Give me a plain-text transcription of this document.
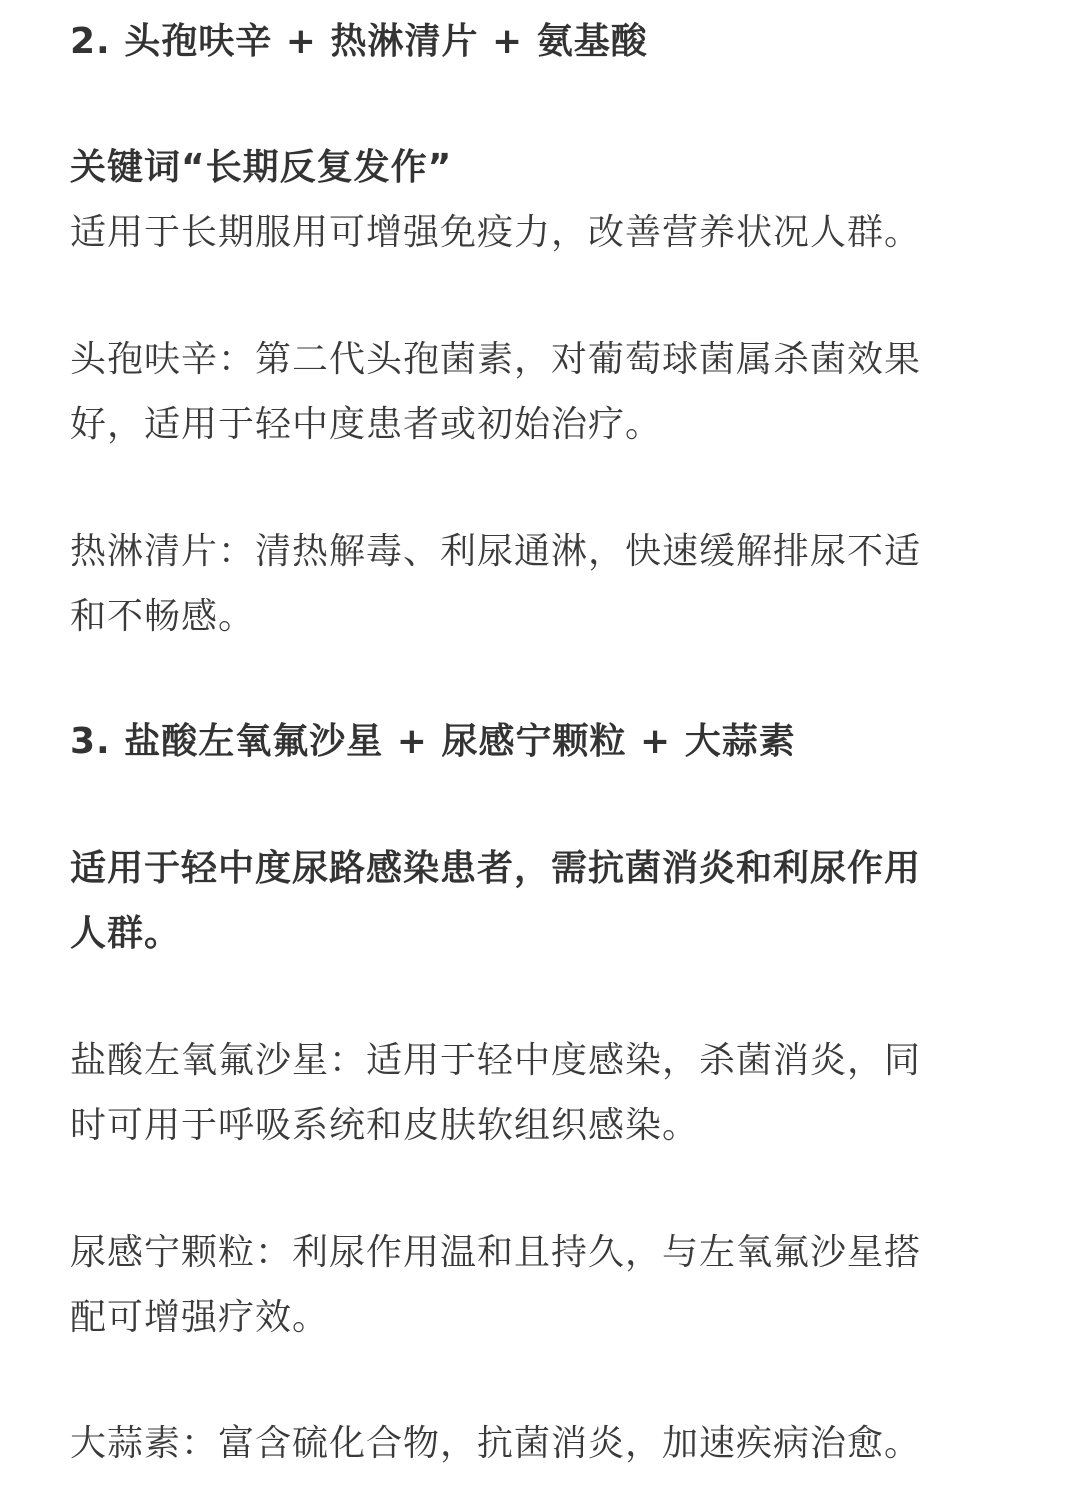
2. 头孢呋辛 + 热淋清片 + 氨基酸

关键词“长期反复发作”

适用于长期服用可增强免疫力，改善营养状况人群。

头孢呋辛：第二代头孢菌素，对葡萄球菌属杀菌效果

好，适用于轻中度患者或初始治疗。

热淋清片：清热解毒、利尿通淋，快速缓解排尿不适

和不畅感。

3. 盐酸左氧氟沙星 + 尿感宁颗粒 + 大蒜素

适用于轻中度尿路感染患者，需抗菌消炎和利尿作用

人群。

盐酸左氧氟沙星：适用于轻中度感染，杀菌消炎，同

时可用于呼吸系统和皮肤软组织感染。

尿感宁颗粒：利尿作用温和且持久，与左氧氟沙星搭

配可增强疗效。

大蒜素：富含硫化合物，抗菌消炎，加速疾病治愈。
